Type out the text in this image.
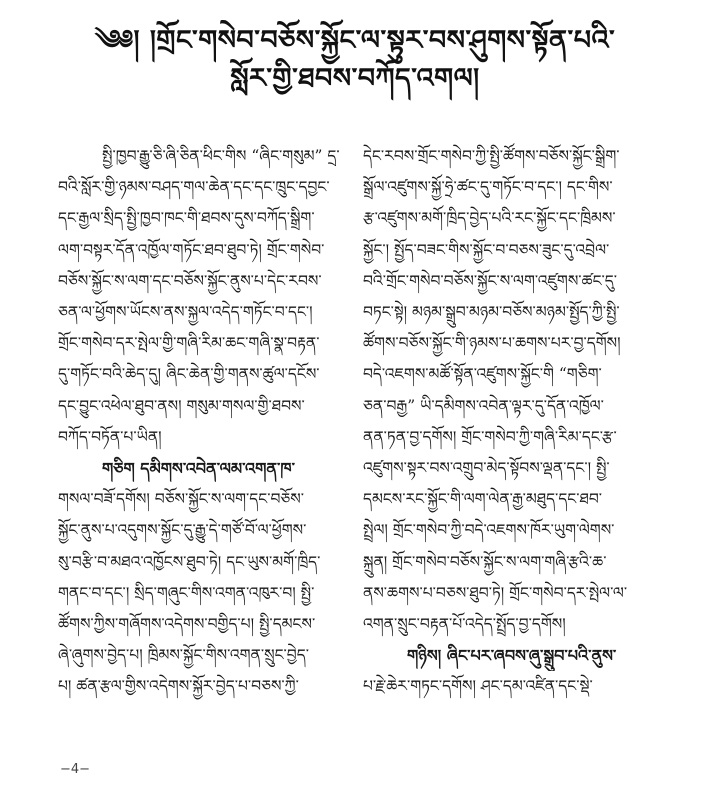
༄༅། །གྲོང་གསེབ་བཅོས་སྐྱོང་ལ་སྟུར་བས་ཤུགས་སྟོན་པའི་
སློར་གྱི་ཐབས་བཀོད་འགལ།
སྤྱི་ཁྱབ་རྒྱུ་ཅི་ཞི་ཅིན་ཕིང་གིས “ཞིང་གསུམ” དྲ་
བའི་སློར་གྱི་ཉམས་བཤད་གལ་ཆེན་དང་དང་ཁྲུང་དབྱང་
དང་རྒྱལ་སྲིད་སྤྱི་ཁྱབ་ཁང་གི་ཐབས་དུས་བཀོད་སྒྲིག་
ལག་བསྟར་དོན་འཁྱོལ་གཏོང་ཐབ་ཐུབ་ཏེ། གྲོང་གསེབ་
བཅོས་སྐྱོང་ས་ལག་དང་བཅོས་སྐྱོང་ནུས་པ་དེང་རབས་
ཅན་ལ་ཕྱོགས་ཡོངས་ནས་སྐྱལ་འདེད་གཏོང་བ་དང་།
གྲོང་གསེབ་དར་སྤེལ་གྱི་གཞི་རིམ་ཆང་གཞི་སྣ་བརྟན་
དུ་གཏོང་བའི་ཆེད་དུ། ཞིང་ཆེན་གྱི་གནས་ཚུལ་དངོས་
དང་བྱུང་འཕེལ་ཐུབ་ནས། གསུམ་གསལ་གྱི་ཐབས་
བཀོད་བཏོན་པ་ཡིན།
གཅིག དམིགས་འབེན་ལམ་འགན་ཁ་
གསལ་བཟོ་དགོས། བཅོས་སྐྱོང་ས་ལག་དང་བཅོས་
སྐྱོང་ནུས་པ་འདུགས་སྐྱོང་དུ་རྒྱུ་དེ་གཙོ་བོ་ལ་ཕྱོགས་
སུ་བརྩི་བ་མཐའ་འཁྱོངས་ཐུབ་ཏེ། དང་ཡུས་མགོ་ཁྲིད་
གནང་བ་དང་། སྲིད་གཞུང་གིས་འགན་འཁུར་བ། སྤྱི་
ཚོགས་ཀྱིས་གཞོགས་འདེགས་བགྱིད་པ། སྤྱི་དམངས་
ཞེ་ཞུགས་བྱེད་པ། ཁྲིམས་སྐྱོང་གིས་འགན་སྲུང་བྱེད་
པ། ཚན་རྩལ་གྱིས་འདེགས་སྐྱོར་བྱེད་པ་བཅས་ཀྱི་
དེང་རབས་གྲོང་གསེབ་ཀྱི་སྤྱི་ཚོགས་བཅོས་སྐྱོང་སྒྲིག་
སྒྲོལ་འཛུགས་སྐྱོ་ཧྲེ་ཚང་དུ་གཏོང་བ་དང་། དང་གིས་
རྩ་འཛུགས་མགོ་ཁྲིད་བྱེད་པའི་རང་སྐྱོང་དང་ཁྲིམས་
སྐྱོང་། སྤྱོད་བཟང་གིས་སྐྱོང་བ་བཅས་ཟུང་དུ་འབྲེལ་
བའི་གྲོང་གསེབ་བཅོས་སྐྱོང་ས་ལག་འཛུགས་ཚང་དུ་
བཏང་སྟེ། མཉམ་སྒྲུབ་མཉམ་བཅོས་མཉམ་སྤྱོད་ཀྱི་སྤྱི་
ཚོགས་བཅོས་སྐྱོང་གི་ཉམས་པ་ཆགས་པར་བྱ་དགོས།
བདེ་འཇགས་མཚོ་སྟོན་འཛུགས་སྐྱོང་གི “གཅིག་
ཅན་བརྒྱ” ཡི་དམིགས་འབེན་ལྟར་དུ་དོན་འཁྱོལ་
ནན་ཏན་བྱ་དགོས། གྲོང་གསེབ་ཀྱི་གཞི་རིམ་དང་རྩ་
འཛུགས་སྟར་བས་འགྲུབ་མེད་སྟོབས་ལྡན་དང་། སྤྱི་
དམངས་རང་སྐྱོང་གི་ལག་ལེན་རྒྱ་མཐུད་དང་ཐབ་
སྤྲེལ། གྲོང་གསེབ་ཀྱི་བདེ་འཇགས་ཁོར་ཡུག་ལེགས་
སྐྲུན། གྲོང་གསེབ་བཅོས་སྐྱོང་ས་ལག་གཞི་རྩའི་ཆ་
ནས་ཆགས་པ་བཅས་ཐུབ་ཏེ། གྲོང་གསེབ་དར་སྤེལ་ལ་
འགན་སྲུང་བརྟན་པོ་འདེད་སྤྲོད་བྱ་དགོས།
གཉིས། ཞིང་པར་ཞབས་ཞུ་སྒྲུབ་པའི་ནུས་
པ་རྗེ་ཆེར་གཏང་དགོས། ཤང་དམ་འཛིན་དང་སྡེ་
−4−
